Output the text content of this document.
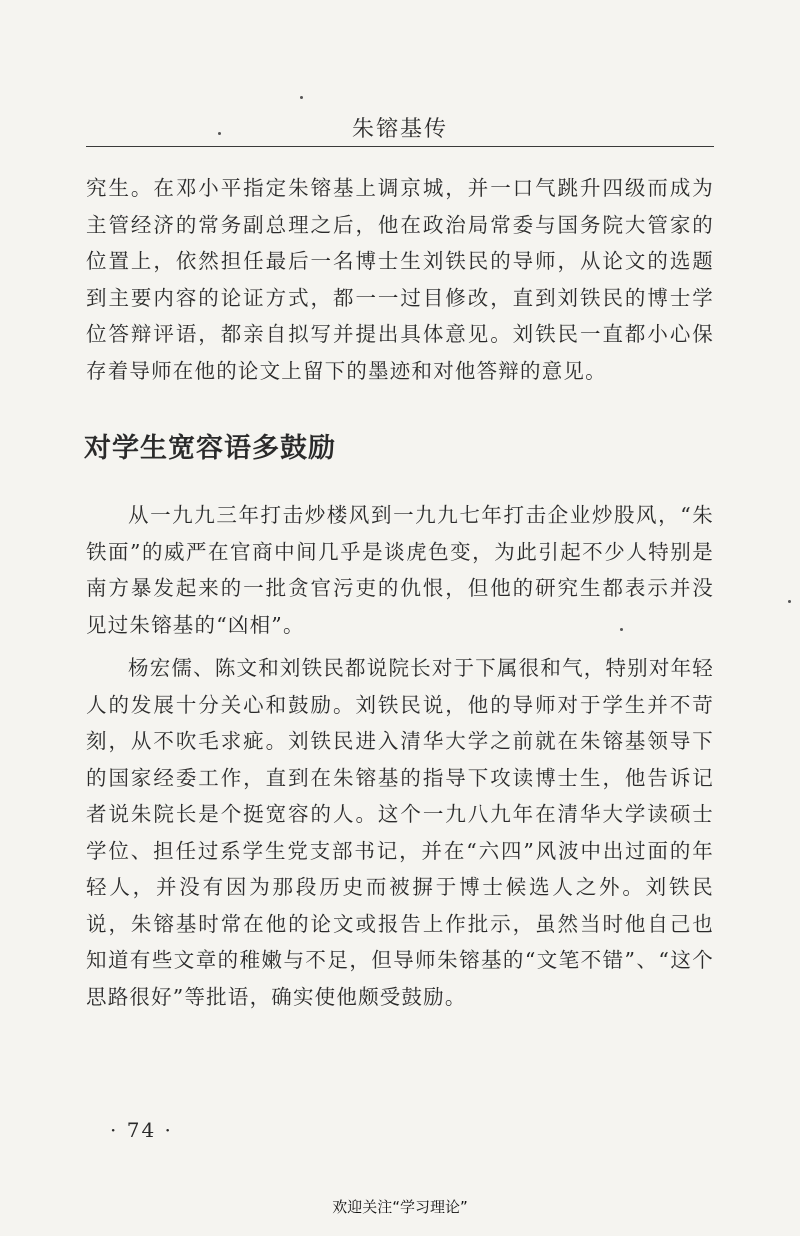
朱镕基传

究生。在邓小平指定朱镕基上调京城，并一口气跳升四级而成为主管经济的常务副总理之后，他在政治局常委与国务院大管家的位置上，依然担任最后一名博士生刘铁民的导师，从论文的选题到主要内容的论证方式，都一一过目修改，直到刘铁民的博士学位答辩评语，都亲自拟写并提出具体意见。刘铁民一直都小心保存着导师在他的论文上留下的墨迹和对他答辩的意见。

对学生宽容语多鼓励

从一九九三年打击炒楼风到一九九七年打击企业炒股风，“朱铁面”的威严在官商中间几乎是谈虎色变，为此引起不少人特别是南方暴发起来的一批贪官污吏的仇恨，但他的研究生都表示并没见过朱镕基的“凶相”。

杨宏儒、陈文和刘铁民都说院长对于下属很和气，特别对年轻人的发展十分关心和鼓励。刘铁民说，他的导师对于学生并不苛刻，从不吹毛求疵。刘铁民进入清华大学之前就在朱镕基领导下的国家经委工作，直到在朱镕基的指导下攻读博士生，他告诉记者说朱院长是个挺宽容的人。这个一九八九年在清华大学读硕士学位、担任过系学生党支部书记，并在“六四”风波中出过面的年轻人，并没有因为那段历史而被摒于博士候选人之外。刘铁民说，朱镕基时常在他的论文或报告上作批示，虽然当时他自己也知道有些文章的稚嫩与不足，但导师朱镕基的“文笔不错”、“这个思路很好”等批语，确实使他颇受鼓励。

· 74 ·
欢迎关注“学习理论”
